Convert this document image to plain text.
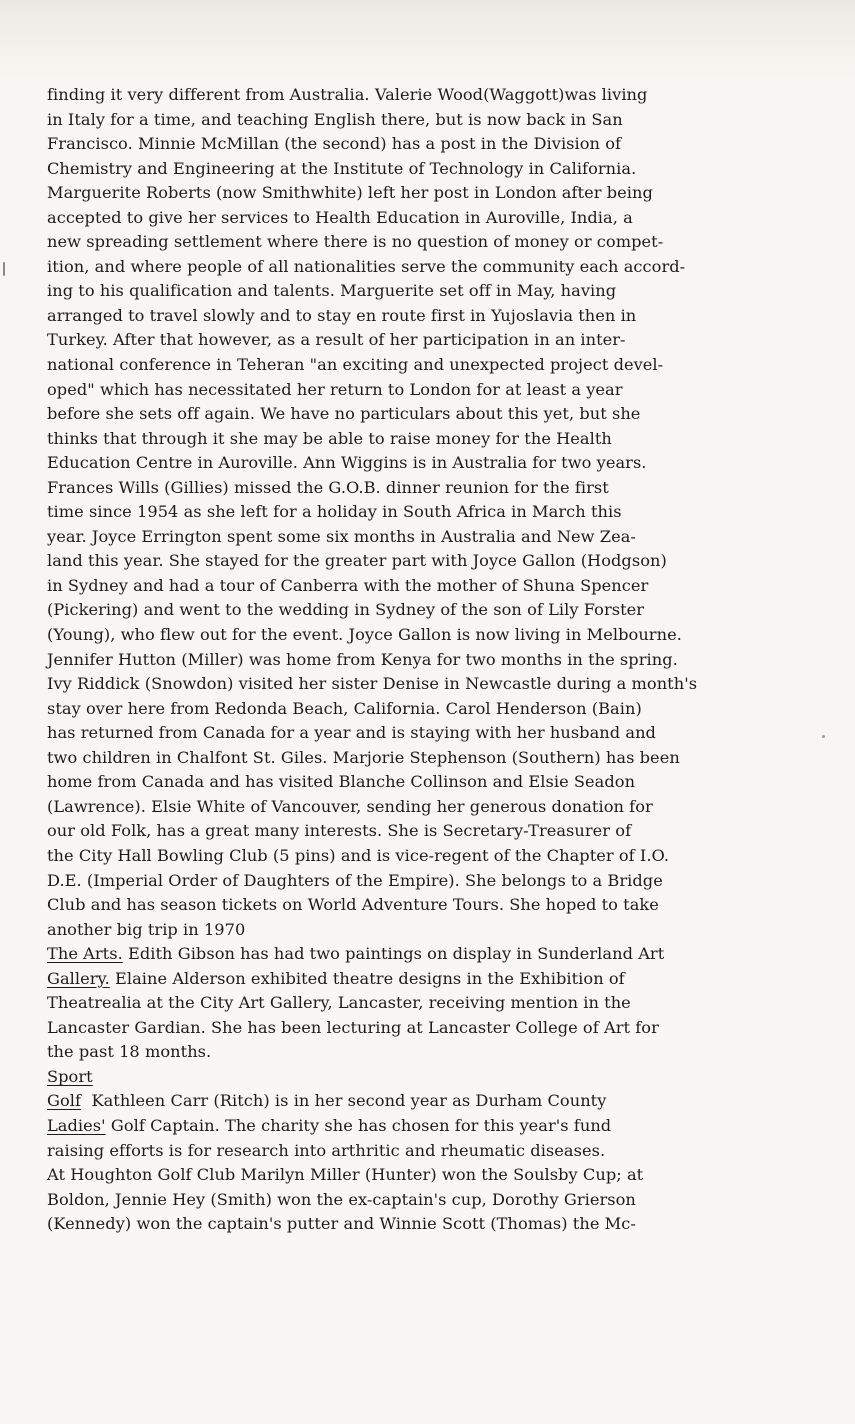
finding it very different from Australia. Valerie Wood(Waggott)was living
in Italy for a time, and teaching English there, but is now back in San
Francisco. Minnie McMillan (the second) has a post in the Division of
Chemistry and Engineering at the Institute of Technology in California.
Marguerite Roberts (now Smithwhite) left her post in London after being
accepted to give her services to Health Education in Auroville, India, a
new spreading settlement where there is no question of money or compet-
ition, and where people of all nationalities serve the community each accord-
ing to his qualification and talents. Marguerite set off in May, having
arranged to travel slowly and to stay en route first in Yujoslavia then in
Turkey. After that however, as a result of her participation in an inter-
national conference in Teheran "an exciting and unexpected project devel-
oped" which has necessitated her return to London for at least a year
before she sets off again. We have no particulars about this yet, but she
thinks that through it she may be able to raise money for the Health
Education Centre in Auroville. Ann Wiggins is in Australia for two years.
Frances Wills (Gillies) missed the G.O.B. dinner reunion for the first
time since 1954 as she left for a holiday in South Africa in March this
year. Joyce Errington spent some six months in Australia and New Zea-
land this year. She stayed for the greater part with Joyce Gallon (Hodgson)
in Sydney and had a tour of Canberra with the mother of Shuna Spencer
(Pickering) and went to the wedding in Sydney of the son of Lily Forster
(Young), who flew out for the event. Joyce Gallon is now living in Melbourne.
Jennifer Hutton (Miller) was home from Kenya for two months in the spring.
Ivy Riddick (Snowdon) visited her sister Denise in Newcastle during a month's
stay over here from Redonda Beach, California. Carol Henderson (Bain)
has returned from Canada for a year and is staying with her husband and
two children in Chalfont St. Giles. Marjorie Stephenson (Southern) has been
home from Canada and has visited Blanche Collinson and Elsie Seadon
(Lawrence). Elsie White of Vancouver, sending her generous donation for
our old Folk, has a great many interests. She is Secretary-Treasurer of
the City Hall Bowling Club (5 pins) and is vice-regent of the Chapter of I.O.
D.E. (Imperial Order of Daughters of the Empire). She belongs to a Bridge
Club and has season tickets on World Adventure Tours. She hoped to take
another big trip in 1970
The Arts. Edith Gibson has had two paintings on display in Sunderland Art
Gallery. Elaine Alderson exhibited theatre designs in the Exhibition of
Theatrealia at the City Art Gallery, Lancaster, receiving mention in the
Lancaster Gardian. She has been lecturing at Lancaster College of Art for
the past 18 months.
Sport
Golf  Kathleen Carr (Ritch) is in her second year as Durham County
Ladies' Golf Captain. The charity she has chosen for this year's fund
raising efforts is for research into arthritic and rheumatic diseases.
At Houghton Golf Club Marilyn Miller (Hunter) won the Soulsby Cup; at
Boldon, Jennie Hey (Smith) won the ex-captain's cup, Dorothy Grierson
(Kennedy) won the captain's putter and Winnie Scott (Thomas) the Mc-
